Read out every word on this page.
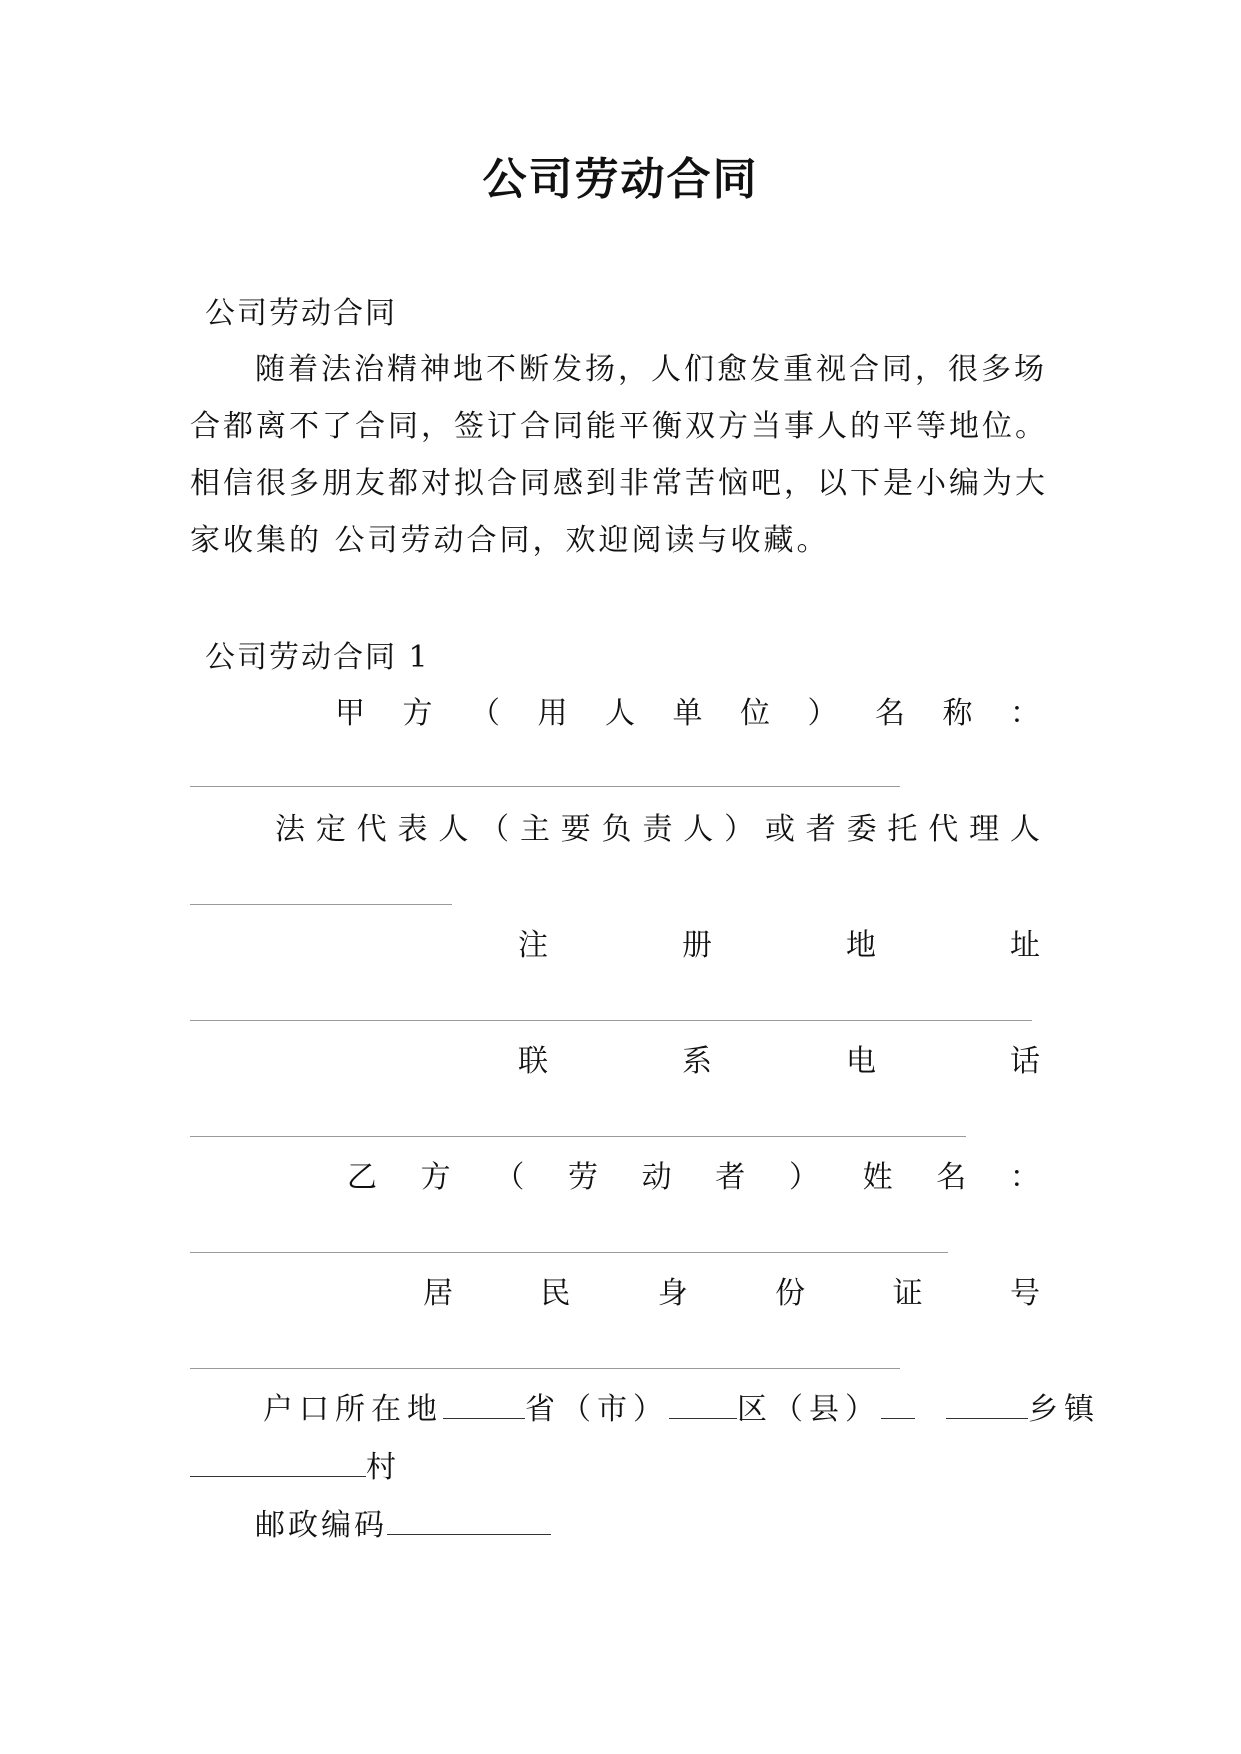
公司劳动合同
公司劳动合同
随着法治精神地不断发扬，人们愈发重视合同，很多场
合都离不了合同，签订合同能平衡双方当事人的平等地位。
相信很多朋友都对拟合同感到非常苦恼吧，以下是小编为大
家收集的 公司劳动合同，欢迎阅读与收藏。
公司劳动合同 1
甲 方 （ 用 人 单 位 ） 名 称 ：
法 定 代 表 人 （ 主 要 负 责 人 ） 或 者 委 托 代 理 人
注	册	地	址
联	系	电	话
乙 方 （ 劳 动 者 ） 姓 名 ：
居	民	身	份	证	号
户口所在地	省（市） 区（县）	乡镇
村
邮政编码
